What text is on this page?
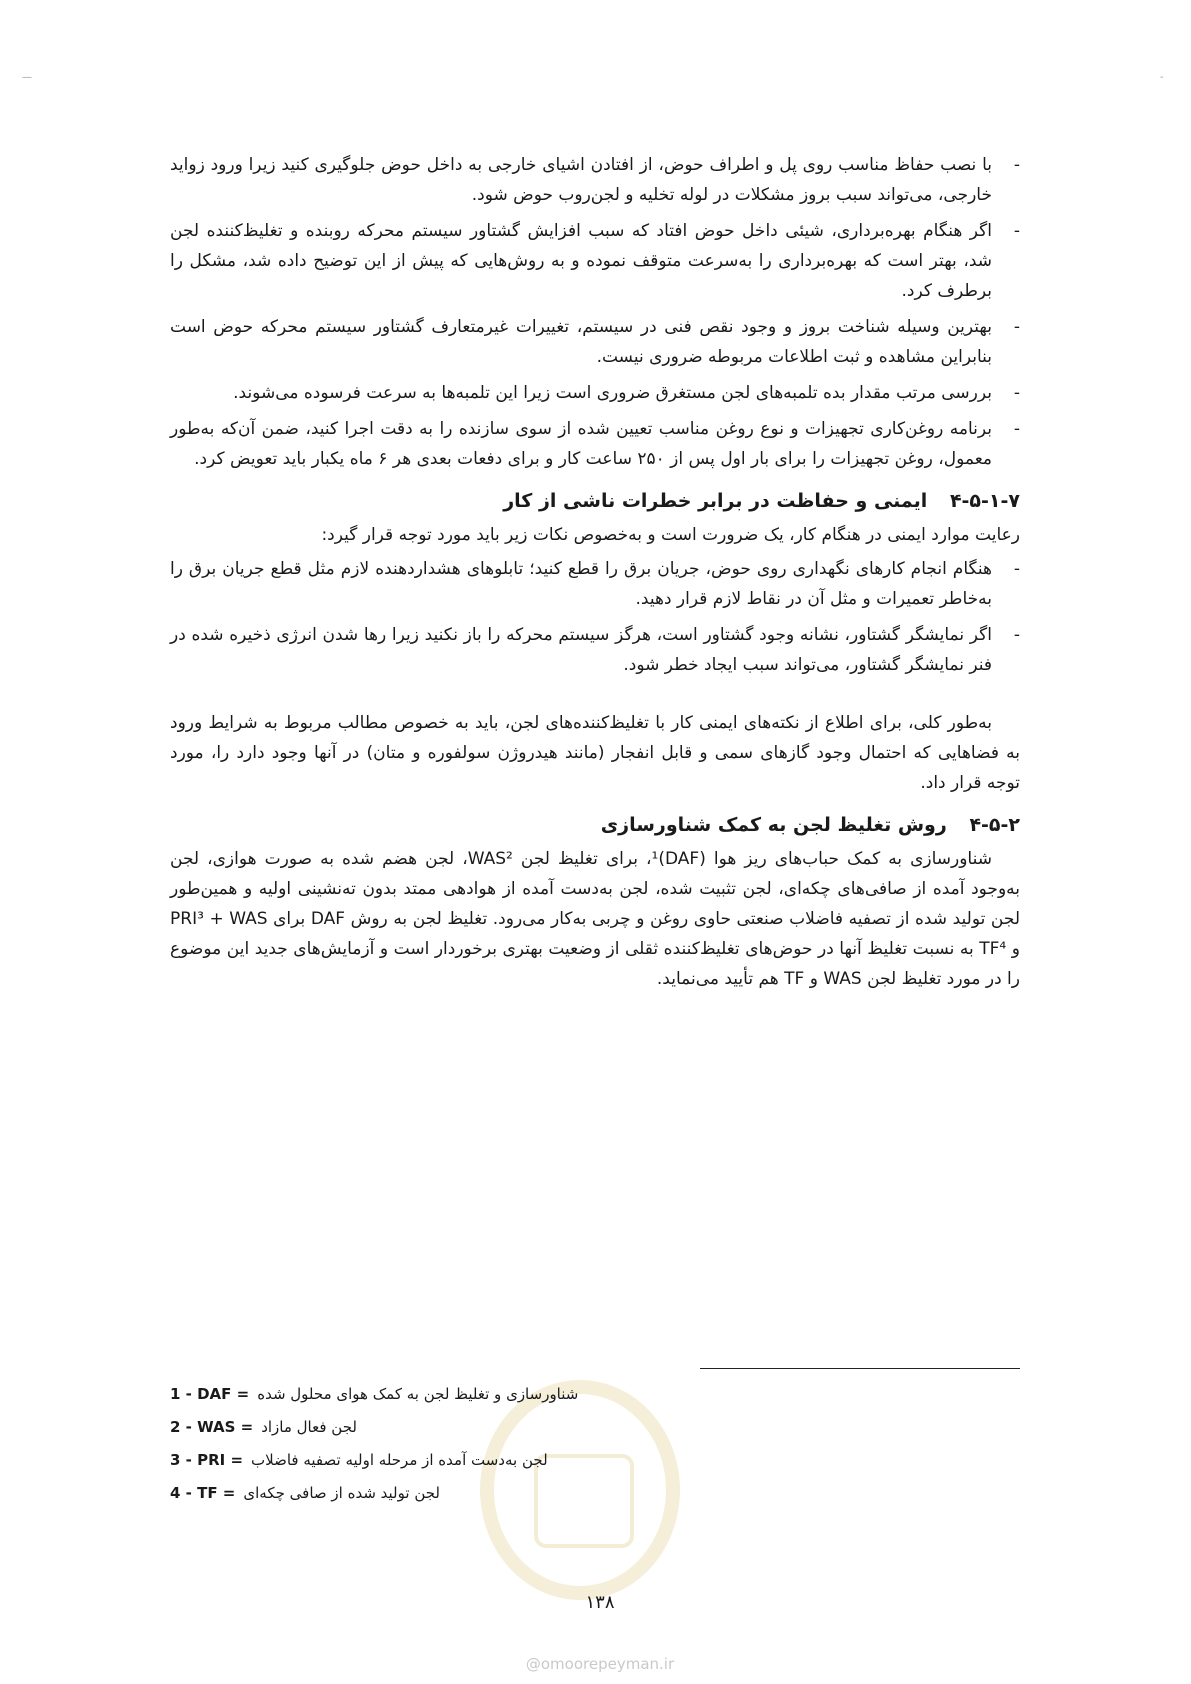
—	-
-
با نصب حفاظ مناسب روی پل و اطراف حوض، از افتادن اشیای خارجی به داخل حوض جلوگیری کنید زیرا ورود زواید خارجی، می‌تواند سبب بروز مشکلات در لوله تخلیه و لجن‌روب حوض شود.
-
اگر هنگام بهره‌برداری، شیئی داخل حوض افتاد که سبب افزایش گشتاور سیستم محرکه روبنده و تغلیظ‌کننده لجن شد، بهتر است که بهره‌برداری را به‌سرعت متوقف نموده و به روش‌هایی که پیش از این توضیح داده شد، مشکل را برطرف کرد.
-
بهترین وسیله شناخت بروز و وجود نقص فنی در سیستم، تغییرات غیرمتعارف گشتاور سیستم محرکه حوض است بنابراین مشاهده و ثبت اطلاعات مربوطه ضروری نیست.
-
بررسی مرتب مقدار بده تلمبه‌های لجن مستغرق ضروری است زیرا این تلمبه‌ها به سرعت فرسوده می‌شوند.
-
برنامه روغن‌کاری تجهیزات و نوع روغن مناسب تعیین شده از سوی سازنده را به دقت اجرا کنید، ضمن آن‌که به‌طور معمول، روغن تجهیزات را برای بار اول پس از ۲۵۰ ساعت کار و برای دفعات بعدی هر ۶ ماه یکبار باید تعویض کرد.
۴-۵-۱-۷ ایمنی و حفاظت در برابر خطرات ناشی از کار

رعایت موارد ایمنی در هنگام کار، یک ضرورت است و به‌خصوص نکات زیر باید مورد توجه قرار گیرد:

-
هنگام انجام کارهای نگهداری روی حوض، جریان برق را قطع کنید؛ تابلوهای هشداردهنده لازم مثل قطع جریان برق را به‌خاطر تعمیرات و مثل آن در نقاط لازم قرار دهید.
-
اگر نمایشگر گشتاور، نشانه وجود گشتاور است، هرگز سیستم محرکه را باز نکنید زیرا رها شدن انرژی ذخیره شده در فنر نمایشگر گشتاور، می‌تواند سبب ایجاد خطر شود.

به‌طور کلی، برای اطلاع از نکته‌های ایمنی کار با تغلیظ‌کننده‌های لجن، باید به خصوص مطالب مربوط به شرایط ورود به فضاهایی که احتمال وجود گازهای سمی و قابل انفجار (مانند هیدروژن سولفوره و متان) در آنها وجود دارد را، مورد توجه قرار داد.

۴-۵-۲ روش تغلیظ لجن به کمک شناورسازی

شناورسازی به کمک حباب‌های ریز هوا (DAF)¹، برای تغلیظ لجن WAS²، لجن هضم شده به صورت هوازی، لجن به‌وجود آمده از صافی‌های چکه‌ای، لجن تثبیت شده، لجن به‌دست آمده از هوادهی ممتد بدون ته‌نشینی اولیه و همین‌طور لجن تولید شده از تصفیه فاضلاب صنعتی حاوی روغن و چربی به‌کار می‌رود. تغلیظ لجن به روش DAF برای PRI³ + WAS و TF⁴ به نسبت تغلیظ آنها در حوض‌های تغلیظ‌کننده ثقلی از وضعیت بهتری برخوردار است و آزمایش‌های جدید این موضوع را در مورد تغلیظ لجن WAS و TF هم تأیید می‌نماید.

1 - DAF = شناورسازی و تغلیظ لجن به کمک هوای محلول شده
2 - WAS = لجن فعال مازاد
3 - PRI = لجن به‌دست آمده از مرحله اولیه تصفیه فاضلاب
4 - TF = لجن تولید شده از صافی چکه‌ای
۱۳۸
@omoorepeyman.ir
